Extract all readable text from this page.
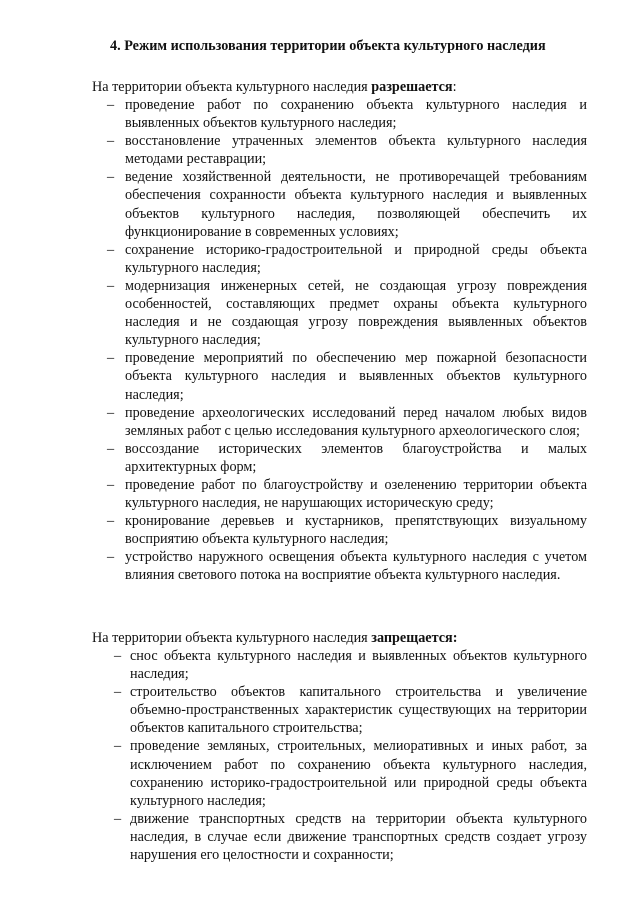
4. Режим использования территории объекта культурного наследия
На территории объекта культурного наследия разрешается:
– проведение работ по сохранению объекта культурного наследия и выявленных объектов культурного наследия;
– восстановление утраченных элементов объекта культурного наследия методами реставрации;
– ведение хозяйственной деятельности, не противоречащей требованиям обеспечения сохранности объекта культурного наследия и выявленных объектов культурного наследия, позволяющей обеспечить их функционирование в современных условиях;
– сохранение историко-градостроительной и природной среды объекта культурного наследия;
– модернизация инженерных сетей, не создающая угрозу повреждения особенностей, составляющих предмет охраны объекта культурного наследия и не создающая угрозу повреждения выявленных объектов культурного наследия;
– проведение мероприятий по обеспечению мер пожарной безопасности объекта культурного наследия и выявленных объектов культурного наследия;
– проведение археологических исследований перед началом любых видов земляных работ с целью исследования культурного археологического слоя;
– воссоздание исторических элементов благоустройства и малых архитектурных форм;
– проведение работ по благоустройству и озеленению территории объекта культурного наследия, не нарушающих историческую среду;
– кронирование деревьев и кустарников, препятствующих визуальному восприятию объекта культурного наследия;
– устройство наружного освещения объекта культурного наследия с учетом влияния светового потока на восприятие объекта культурного наследия.
На территории объекта культурного наследия запрещается:
– снос объекта культурного наследия и выявленных объектов культурного наследия;
– строительство объектов капитального строительства и увеличение объемно-пространственных характеристик существующих на территории объектов капитального строительства;
– проведение земляных, строительных, мелиоративных и иных работ, за исключением работ по сохранению объекта культурного наследия, сохранению историко-градостроительной или природной среды объекта культурного наследия;
– движение транспортных средств на территории объекта культурного наследия, в случае если движение транспортных средств создает угрозу нарушения его целостности и сохранности;
